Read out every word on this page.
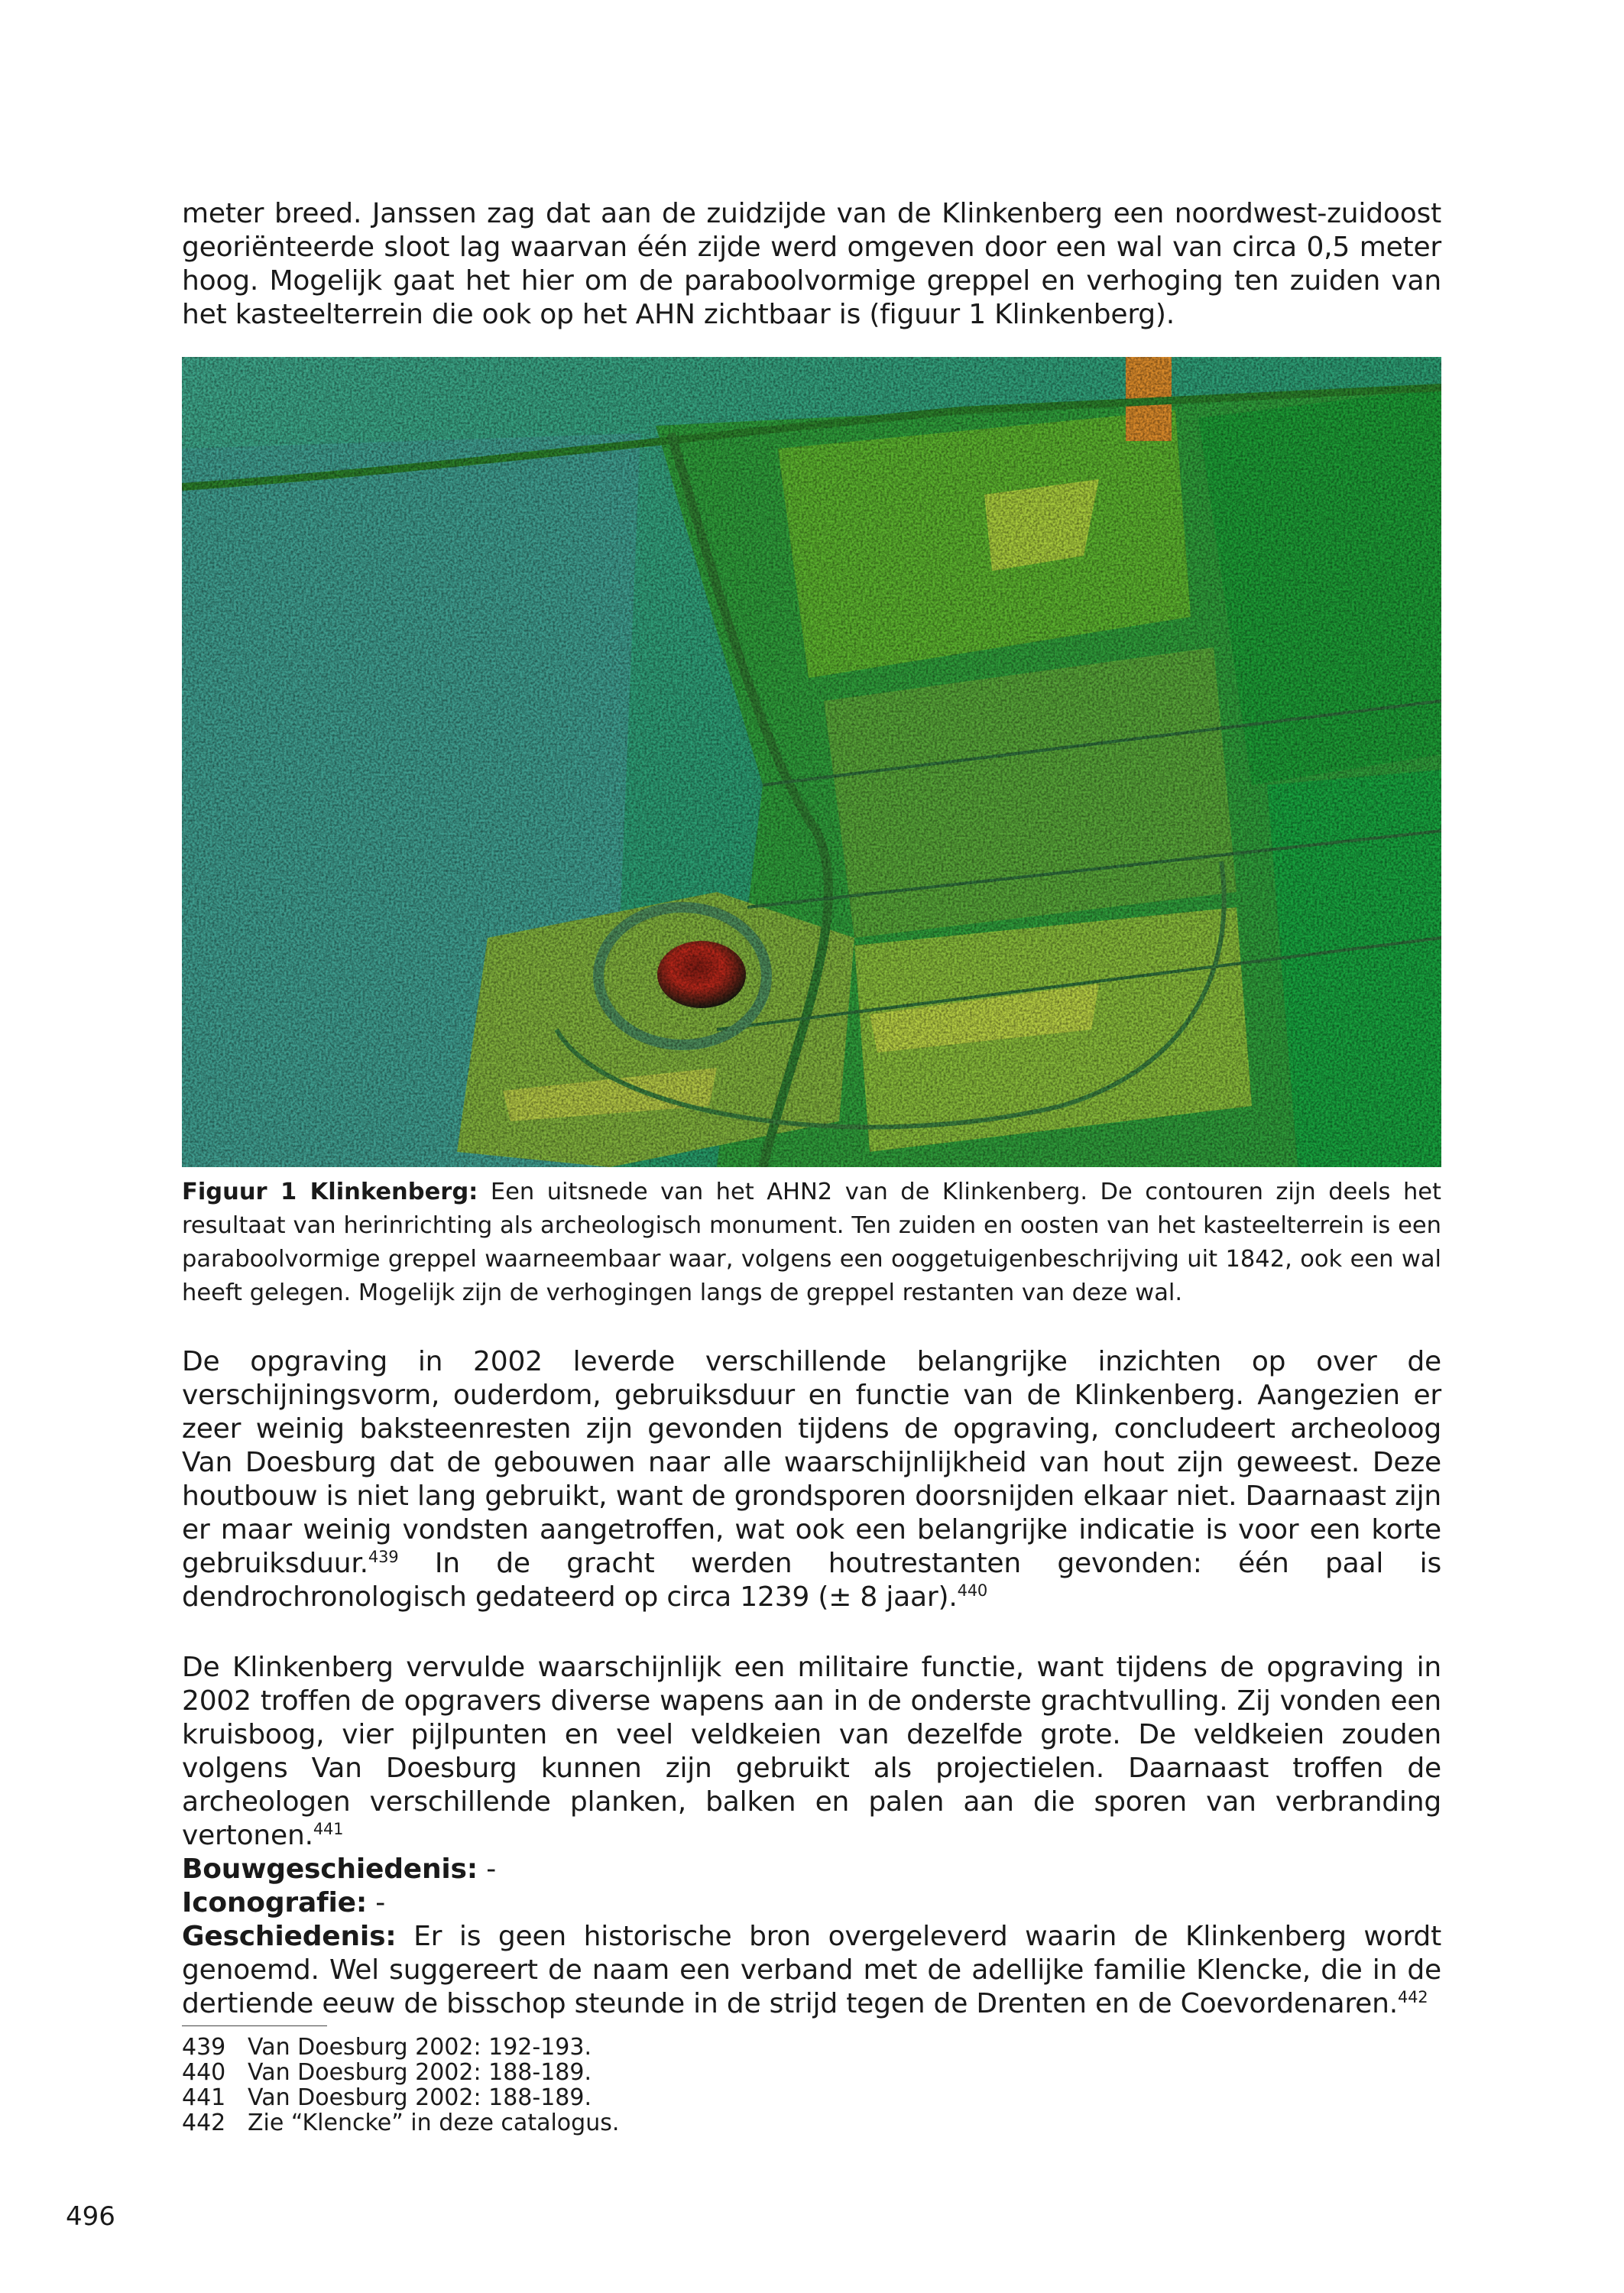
meter breed. Janssen zag dat aan de zuidzijde van de Klinkenberg een noordwest-zuidoost georiënteerde sloot lag waarvan één zijde werd omgeven door een wal van circa 0,5 meter hoog. Mogelijk gaat het hier om de paraboolvormige greppel en verhoging ten zuiden van het kasteelterrein die ook op het AHN zichtbaar is (figuur 1 Klinkenberg).

Figuur 1 Klinkenberg: Een uitsnede van het AHN2 van de Klinkenberg. De contouren zijn deels het resultaat van herinrichting als archeologisch monument. Ten zuiden en oosten van het kasteelterrein is een paraboolvormige greppel waarneembaar waar, volgens een ooggetuigenbeschrijving uit 1842, ook een wal heeft gelegen. Mogelijk zijn de verhogingen langs de greppel restanten van deze wal.

De opgraving in 2002 leverde verschillende belangrijke inzichten op over de verschijningsvorm, ouderdom, gebruiksduur en functie van de Klinkenberg. Aangezien er zeer weinig baksteenresten zijn gevonden tijdens de opgraving, concludeert archeoloog Van Doesburg dat de gebouwen naar alle waarschijnlijkheid van hout zijn geweest. Deze houtbouw is niet lang gebruikt, want de grondsporen doorsnijden elkaar niet. Daarnaast zijn er maar weinig vondsten aangetroffen, wat ook een belangrijke indicatie is voor een korte gebruiksduur.$^{439}$ In de gracht werden houtrestanten gevonden: één paal is dendrochronologisch gedateerd op circa 1239 (± 8 jaar).$^{440}$

De Klinkenberg vervulde waarschijnlijk een militaire functie, want tijdens de opgraving in 2002 troffen de opgravers diverse wapens aan in de onderste grachtvulling. Zij vonden een kruisboog, vier pijlpunten en veel veldkeien van dezelfde grote. De veldkeien zouden volgens Van Doesburg kunnen zijn gebruikt als projectielen. Daarnaast troffen de archeologen verschillende planken, balken en palen aan die sporen van verbranding vertonen.$^{441}$

Bouwgeschiedenis: -

Iconografie: -

Geschiedenis: Er is geen historische bron overgeleverd waarin de Klinkenberg wordt genoemd. Wel suggereert de naam een verband met de adellijke familie Klencke, die in de dertiende eeuw de bisschop steunde in de strijd tegen de Drenten en de Coevordenaren.$^{442}$

439 Van Doesburg 2002: 192-193.
440 Van Doesburg 2002: 188-189.
441 Van Doesburg 2002: 188-189.
442 Zie “Klencke” in deze catalogus.
496
